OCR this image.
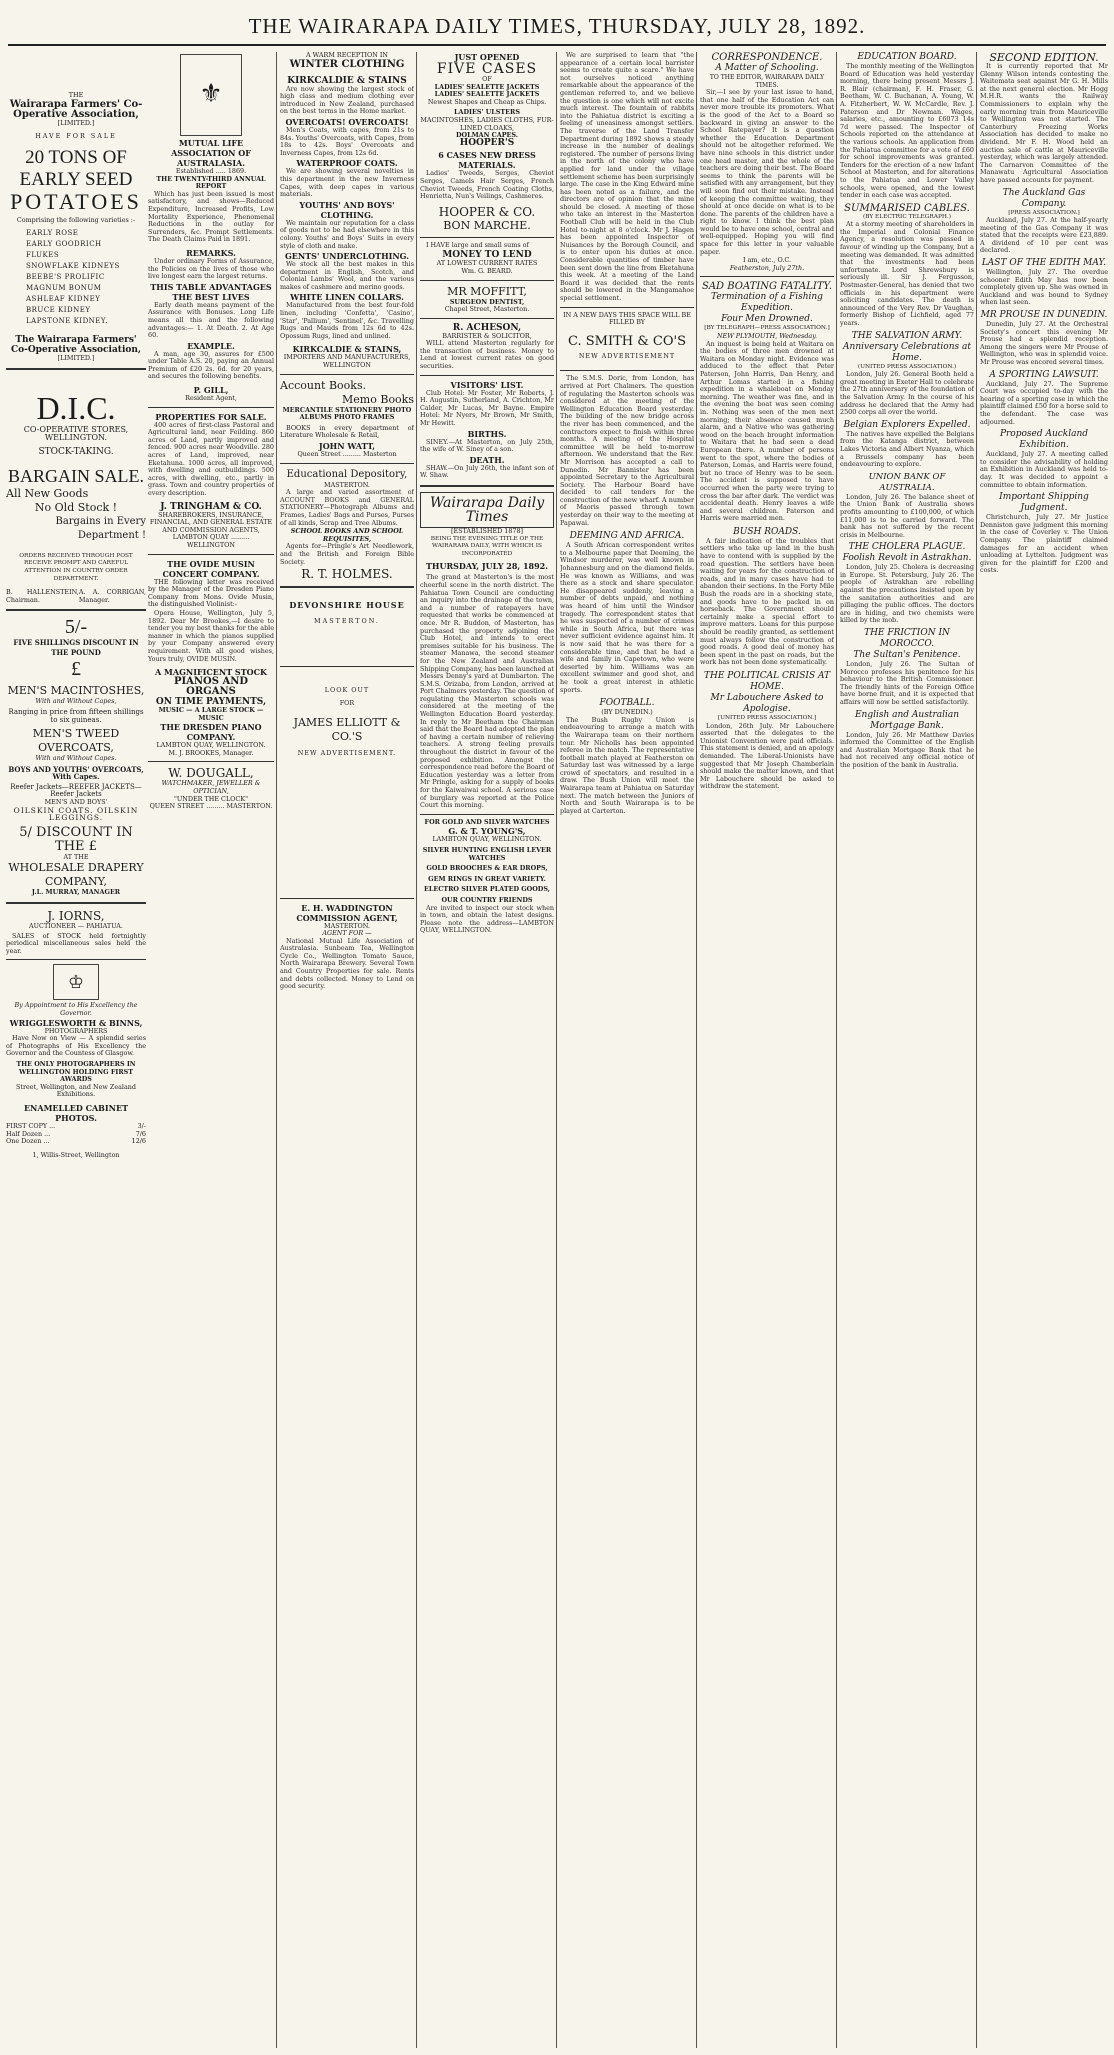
THE WAIRARAPA DAILY TIMES, THURSDAY, JULY 28, 1892.
THE
Wairarapa Farmers' Co-Operative Association,
[LIMITED.]
HAVE FOR SALE
20 TONS OF EARLY SEED
POTATOES
Comprising the following varieties :-
EARLY ROSE
EARLY GOODRICH
FLUKES
SNOWFLAKE KIDNEYS
BEEBE'S PROLIFIC
MAGNUM BONUM
ASHLEAF KIDNEY
BRUCE KIDNEY
LAPSTONE KIDNEY.
The Wairarapa Farmers' Co-Operative Association,
[LIMITED.]
D.I.C.
CO-OPERATIVE STORES, WELLINGTON.
STOCK-TAKING.
BARGAIN SALE.
All New Goods
No Old Stock !
Bargains in Every Department !
ORDERS RECEIVED THROUGH POST RECEIVE PROMPT AND CAREFUL ATTENTION IN COUNTRY ORDER DEPARTMENT.
B. HALLENSTEIN, Chairman.
A. A. CORRIGAN, Manager.
5/-
FIVE SHILLINGS DISCOUNT IN THE POUND
£
MEN'S MACINTOSHES,
With and Without Capes,
Ranging in price from fifteen shillings to six guineas.
MEN'S TWEED OVERCOATS,
With and Without Capes.
BOYS AND YOUTHS' OVERCOATS, With Capes.
Reefer Jackets—REEFER JACKETS—Reefer Jackets
MEN'S AND BOYS'
OILSKIN COATS. OILSKIN LEGGINGS.
5/ DISCOUNT IN THE £
AT THE
WHOLESALE DRAPERY COMPANY,
J.L. MURRAY, MANAGER
J. IORNS,
AUCTIONEER — PAHIATUA.
SALES of STOCK held fortnightly periodical miscellaneous sales held the year.
♔
By Appointment to His Excellency the Governor.
WRIGGLESWORTH & BINNS,
PHOTOGRAPHERS
Have Now on View — A splendid series of Photographs of His Excellency the Governor and the Countess of Glasgow.
THE ONLY PHOTOGRAPHERS IN WELLINGTON HOLDING FIRST AWARDS
Street, Wellington, and New Zealand Exhibitions.
ENAMELLED CABINET PHOTOS.
FIRST COPY ...	3/-
Half Dozen ...	7/6
One Dozen ...	12/6
1, Willis-Street, Wellington
⚜
MUTUAL LIFE ASSOCIATION OF AUSTRALASIA.
Established ..... 1869.
THE TWENTY-THIRD ANNUAL REPORT
Which has just been issued is most satisfactory, and shows—Reduced Expenditure, Increased Profits, Low Mortality Experience, Phenomenal Reductions in the outlay for Surrenders, &c. Prompt Settlements. The Death Claims Paid in 1891.
REMARKS.
Under ordinary Forms of Assurance, the Policies on the lives of those who live longest earn the largest returns.
THIS TABLE ADVANTAGES THE BEST LIVES
Early death means payment of the Assurance with Bonuses. Long Life means all this and the following advantages:— 1. At Death. 2. At Age 60.
EXAMPLE.
A man, age 30, assures for £500 under Table A.S. 20, paying an Annual Premium of £20 2s. 6d. for 20 years, and secures the following benefits.
P. GILL,
Resident Agent,
PROPERTIES FOR SALE.
400 acres of first-class Pastoral and Agricultural land, near Feilding. 860 acres of Land, partly improved and fenced. 900 acres near Woodville. 280 acres of Land, improved, near Eketahuna. 1000 acres, all improved, with dwelling and outbuildings. 500 acres, with dwelling, etc., partly in grass. Town and country properties of every description.
J. TRINGHAM & CO.
SHAREBROKERS, INSURANCE, FINANCIAL, AND GENERAL ESTATE AND COMMISSION AGENTS,
LAMBTON QUAY ......... WELLINGTON
THE OVIDE MUSIN CONCERT COMPANY.
THE following letter was received by the Manager of the Dresden Piano Company from Mons. Ovide Musin, the distinguished Violinist:-
Opera House, Wellington, July 5, 1892. Dear Mr Brookes,—I desire to tender you my best thanks for the able manner in which the pianos supplied by your Company answered every requirement. With all good wishes, Yours truly, OVIDE MUSIN.
A MAGNIFICENT STOCK
PIANOS AND ORGANS
ON TIME PAYMENTS,
MUSIC — A LARGE STOCK — MUSIC
THE DRESDEN PIANO COMPANY.
LAMBTON QUAY, WELLINGTON.
M. J. BROOKES, Manager.
W. DOUGALL,
WATCHMAKER, JEWELLER & OPTICIAN,
"UNDER THE CLOCK"
QUEEN STREET ......... MASTERTON.
A WARM RECEPTION IN
WINTER CLOTHING
KIRKCALDIE & STAINS
Are now showing the largest stock of high class and medium clothing ever introduced in New Zealand, purchased on the best terms in the Home market.
OVERCOATS! OVERCOATS!
Men's Coats, with capes, from 21s to 84s. Youths' Overcoats, with Capes, from 18s to 42s. Boys' Overcoats and Inverness Capes, from 12s 6d.
WATERPROOF COATS.
We are showing several novelties in this department in the new Inverness Capes, with deep capes in various materials.
YOUTHS' AND BOYS' CLOTHING.
We maintain our reputation for a class of goods not to be had elsewhere in this colony. Youths' and Boys' Suits in every style of cloth and make.
GENTS' UNDERCLOTHING.
We stock all the best makes in this department in English, Scotch, and Colonial Lambs' Wool, and the various makes of cashmere and merino goods.
WHITE LINEN COLLARS.
Manufactured from the best four-fold linen, including 'Confetta', 'Casino', 'Star', 'Pallium', 'Sentinel', &c. Travelling Rugs and Mauds from 12s 6d to 42s. Opossum Rugs, lined and unlined.
KIRKCALDIE & STAINS,
IMPORTERS AND MANUFACTURERS,
WELLINGTON
Account Books.
Memo Books
MERCANTILE STATIONERY PHOTO ALBUMS PHOTO FRAMES
BOOKS in every department of Literature Wholesale & Retail,
JOHN WATT,
Queen Street ......... Masterton
Educational Depository,
MASTERTON.
A large and varied assortment of ACCOUNT BOOKS and GENERAL STATIONERY—Photograph Albums and Frames, Ladies' Bags and Purses, Purses of all kinds, Scrap and Tree Albums.
SCHOOL BOOKS AND SCHOOL REQUISITES,
Agents for—Pringle's Art Needlework, and the British and Foreign Bible Society.
R. T. HOLMES.
DEVONSHIRE HOUSE
MASTERTON.
LOOK OUT
FOR
JAMES ELLIOTT & CO.'S
NEW ADVERTISEMENT.
E. H. WADDINGTON
COMMISSION AGENT,
MASTERTON.
AGENT FOR —
National Mutual Life Association of Australasia. Sunbeam Tea, Wellington Cycle Co., Wellington Tomato Sauce, North Wairarapa Brewery. Several Town and Country Properties for sale. Rents and debts collected. Money to Lend on good security.
JUST OPENED
FIVE CASES
OF
LADIES' SEALETTE JACKETS
LADIES' SEALETTE JACKETS
Newest Shapes and Cheap as Chips.
LADIES' ULSTERS
MACINTOSHES, LADIES CLOTHS, FUR-LINED CLOAKS,
DOLMAN CAPES.
HOOPER'S
6 CASES NEW DRESS MATERIALS.
Ladies' Tweeds, Serges, Cheviot Serges, Camels Hair Serges, French Cheviot Tweeds, French Coating Cloths, Henrietta, Nun's Veilings, Cashmeres.
HOOPER & CO.
BON MARCHE.
I HAVE large and small sums of
MONEY TO LEND
AT LOWEST CURRENT RATES
Wm. G. BEARD.
MR MOFFITT,
SURGEON DENTIST,
Chapel Street, Masterton.
R. ACHESON,
BARRISTER & SOLICITOR,
WILL attend Masterton regularly for the transaction of business. Money to Lend at lowest current rates on good securities.
VISITORS' LIST.
Club Hotel: Mr Foster, Mr Roberts, J. H. Augustin, Sutherland, A. Crichton, Mr Calder, Mr Lucas, Mr Bayne. Empire Hotel: Mr Nyers, Mr Brown, Mr Smith, Mr Hewitt.
BIRTHS.
SINEY.—At Masterton, on July 25th, the wife of W. Siney of a son.
DEATH.
SHAW.—On July 26th, the infant son of W. Shaw.
Wairarapa Daily Times
[ESTABLISHED 1878]
BEING THE EVENING TITLE OF THE WAIRARAPA DAILY, WITH WHICH IS INCORPORATED
THURSDAY, JULY 28, 1892.
The grand at Masterton's is the most cheerful scene in the north district. The Pahiatua Town Council are conducting an inquiry into the drainage of the town, and a number of ratepayers have requested that works be commenced at once. Mr R. Buddon, of Masterton, has purchased the property adjoining the Club Hotel, and intends to erect premises suitable for his business. The steamer Manawa, the second steamer for the New Zealand and Australian Shipping Company, has been launched at Messrs Denny's yard at Dumbarton. The S.M.S. Orizaba, from London, arrived at Port Chalmers yesterday. The question of regulating the Masterton schools was considered at the meeting of the Wellington Education Board yesterday. In reply to Mr Beetham the Chairman said that the Board had adopted the plan of having a certain number of relieving teachers. A strong feeling prevails throughout the district in favour of the proposed exhibition. Amongst the correspondence read before the Board of Education yesterday was a letter from Mr Pringle, asking for a supply of books for the Kaiwaiwai school. A serious case of burglary was reported at the Police Court this morning.
FOR GOLD AND SILVER WATCHES
G. & T. YOUNG'S,
LAMBTON QUAY, WELLINGTON.
SILVER HUNTING ENGLISH LEVER WATCHES
GOLD BROOCHES & EAR DROPS,
GEM RINGS IN GREAT VARIETY.
ELECTRO SILVER PLATED GOODS,
OUR COUNTRY FRIENDS
Are invited to inspect our stock when in town, and obtain the latest designs. Please note the address—LAMBTON QUAY, WELLINGTON.
We are surprised to learn that "the appearance of a certain local barrister seems to create quite a scare." We have not ourselves noticed anything remarkable about the appearance of the gentleman referred to, and we believe the question is one which will not excite much interest. The fountain of rabbits into the Pahiatua district is exciting a feeling of uneasiness amongst settlers. The traverse of the Land Transfer Department during 1892 shows a steady increase in the number of dealings registered. The number of persons living in the north of the colony who have applied for land under the village settlement scheme has been surprisingly large. The case in the King Edward mine has been noted as a failure, and the directors are of opinion that the mine should be closed. A meeting of those who take an interest in the Masterton Football Club will be held in the Club Hotel to-night at 8 o'clock. Mr J. Hagen has been appointed Inspector of Nuisances by the Borough Council, and is to enter upon his duties at once. Considerable quantities of timber have been sent down the line from Eketahuna this week. At a meeting of the Land Board it was decided that the rents should be lowered in the Mangamahoe special settlement.
IN A NEW DAYS THIS SPACE WILL BE FILLED BY
C. SMITH & CO'S
NEW ADVERTISEMENT
The S.M.S. Doric, from London, has arrived at Port Chalmers. The question of regulating the Masterton schools was considered at the meeting of the Wellington Education Board yesterday. The building of the new bridge across the river has been commenced, and the contractors expect to finish within three months. A meeting of the Hospital committee will be held to-morrow afternoon. We understand that the Rev. Mr Morrison has accepted a call to Dunedin. Mr Bannister has been appointed Secretary to the Agricultural Society. The Harbour Board have decided to call tenders for the construction of the new wharf. A number of Maoris passed through town yesterday on their way to the meeting at Papawai.
DEEMING AND AFRICA.
A South African correspondent writes to a Melbourne paper that Deeming, the Windsor murderer, was well known in Johannesburg and on the diamond fields. He was known as Williams, and was there as a stock and share speculator. He disappeared suddenly, leaving a number of debts unpaid, and nothing was heard of him until the Windsor tragedy. The correspondent states that he was suspected of a number of crimes while in South Africa, but there was never sufficient evidence against him. It is now said that he was there for a considerable time, and that he had a wife and family in Capetown, who were deserted by him. Williams was an excellent swimmer and good shot, and he took a great interest in athletic sports.
FOOTBALL.
(BY DUNEDIN.)
The Bush Rugby Union is endeavouring to arrange a match with the Wairarapa team on their northern tour. Mr Nicholls has been appointed referee in the match. The representative football match played at Featherston on Saturday last was witnessed by a large crowd of spectators, and resulted in a draw. The Bush Union will meet the Wairarapa team at Pahiatua on Saturday next. The match between the Juniors of North and South Wairarapa is to be played at Carterton.
CORRESPONDENCE.
A Matter of Schooling.
TO THE EDITOR, WAIRARAPA DAILY TIMES.
Sir,—I see by your last issue to hand, that one half of the Education Act can never more trouble its promoters. What is the good of the Act to a Board so backward in giving an answer to the School Ratepayer? It is a question whether the Education Department should not be altogether reformed. We have nine schools in this district under one head master, and the whole of the teachers are doing their best. The Board seems to think the parents will be satisfied with any arrangement, but they will soon find out their mistake. Instead of keeping the committee waiting, they should at once decide on what is to be done. The parents of the children have a right to know. I think the best plan would be to have one school, central and well-equipped. Hoping you will find space for this letter in your valuable paper.
I am, etc., O.C.
Featherston, July 27th.
SAD BOATING FATALITY.
Termination of a Fishing Expedition.
Four Men Drowned.
[BY TELEGRAPH—PRESS ASSOCIATION.]
NEW PLYMOUTH, Wednesday.
An inquest is being held at Waitara on the bodies of three men drowned at Waitara on Monday night. Evidence was adduced to the effect that Peter Paterson, John Harris, Dan Henry, and Arthur Lomas started in a fishing expedition in a whaleboat on Monday morning. The weather was fine, and in the evening the boat was seen coming in. Nothing was seen of the men next morning; their absence caused much alarm, and a Native who was gathering wood on the beach brought information to Waitara that he had seen a dead European there. A number of persons went to the spot, where the bodies of Paterson, Lomas, and Harris were found, but no trace of Henry was to be seen. The accident is supposed to have occurred when the party were trying to cross the bar after dark. The verdict was accidental death. Henry leaves a wife and several children. Paterson and Harris were married men.
BUSH ROADS.
A fair indication of the troubles that settlers who take up land in the bush have to contend with is supplied by the road question. The settlers have been waiting for years for the construction of roads, and in many cases have had to abandon their sections. In the Forty Mile Bush the roads are in a shocking state, and goods have to be packed in on horseback. The Government should certainly make a special effort to improve matters. Loans for this purpose should be readily granted, as settlement must always follow the construction of good roads. A good deal of money has been spent in the past on roads, but the work has not been done systematically.
THE POLITICAL CRISIS AT HOME.
Mr Labouchere Asked to Apologise.
[UNITED PRESS ASSOCIATION.]
London, 26th July. Mr Labouchere asserted that the delegates to the Unionist Convention were paid officials. This statement is denied, and an apology demanded. The Liberal-Unionists have suggested that Mr Joseph Chamberlain should make the matter known, and that Mr Labouchere should be asked to withdraw the statement.
EDUCATION BOARD.
The monthly meeting of the Wellington Board of Education was held yesterday morning, there being present Messrs J. R. Blair (chairman), F. H. Fraser, G. Beetham, W. C. Buchanan, A. Young, W. A. Fitzherbert, W. W. McCardle, Rev. J. Paterson and Dr Newman. Wages, salaries, etc., amounting to £6073 14s 7d were passed. The Inspector of Schools reported on the attendance at the various schools. An application from the Pahiatua committee for a vote of £60 for school improvements was granted. Tenders for the erection of a new Infant School at Masterton, and for alterations to the Pahiatua and Lower Valley schools, were opened, and the lowest tender in each case was accepted.
SUMMARISED CABLES.
(BY ELECTRIC TELEGRAPH.)
At a stormy meeting of shareholders in the Imperial and Colonial Finance Agency, a resolution was passed in favour of winding up the Company, but a meeting was demanded. It was admitted that the investments had been unfortunate. Lord Shrewsbury is seriously ill. Sir J. Fergusson, Postmaster-General, has denied that two officials in his department were soliciting candidates. The death is announced of the Very Rev. Dr Vaughan, formerly Bishop of Lichfield, aged 77 years.
THE SALVATION ARMY.
Anniversary Celebrations at Home.
(UNITED PRESS ASSOCIATION.)
London, July 26. General Booth held a great meeting in Exeter Hall to celebrate the 27th anniversary of the foundation of the Salvation Army. In the course of his address he declared that the Army had 2500 corps all over the world.
Belgian Explorers Expelled.
The natives have expelled the Belgians from the Katanga district, between Lakes Victoria and Albert Nyanza, which a Brussels company has been endeavouring to explore.
UNION BANK OF AUSTRALIA.
London, July 26. The balance sheet of the Union Bank of Australia shows profits amounting to £100,000, of which £11,000 is to be carried forward. The bank has not suffered by the recent crisis in Melbourne.
THE CHOLERA PLAGUE.
Foolish Revolt in Astrakhan.
London, July 25. Cholera is decreasing in Europe. St. Petersburg, July 26. The people of Astrakhan are rebelling against the precautions insisted upon by the sanitation authorities and are pillaging the public offices. The doctors are in hiding, and two chemists were killed by the mob.
THE FRICTION IN MOROCCO.
The Sultan's Penitence.
London, July 26. The Sultan of Morocco professes his penitence for his behaviour to the British Commissioner. The friendly hints of the Foreign Office have borne fruit, and it is expected that affairs will now be settled satisfactorily.
English and Australian Mortgage Bank.
London, July 26. Mr Matthew Davies informed the Committee of the English and Australian Mortgage Bank that he had not received any official notice of the position of the bank in Australia.
SECOND EDITION.
It is currently reported that Mr Glenny Wilson intends contesting the Waitemata seat against Mr G. H. Mills at the next general election. Mr Hogg M.H.R. wants the Railway Commissioners to explain why the early morning train from Mauriceville to Wellington was not started. The Canterbury Freezing Works Association has decided to make no dividend. Mr F. H. Wood held an auction sale of cattle at Mauriceville yesterday, which was largely attended. The Carnarvon Committee of the Manawatu Agricultural Association have passed accounts for payment.
The Auckland Gas Company.
[PRESS ASSOCIATION.]
Auckland, July 27. At the half-yearly meeting of the Gas Company it was stated that the receipts were £23,889. A dividend of 10 per cent was declared.
LAST OF THE EDITH MAY.
Wellington, July 27. The overdue schooner Edith May has now been completely given up. She was owned in Auckland and was bound to Sydney when last seen.
MR PROUSE IN DUNEDIN.
Dunedin, July 27. At the Orchestral Society's concert this evening Mr Prouse had a splendid reception. Among the singers were Mr Prouse of Wellington, who was in splendid voice. Mr Prouse was encored several times.
A SPORTING LAWSUIT.
Auckland, July 27. The Supreme Court was occupied to-day with the hearing of a sporting case in which the plaintiff claimed £50 for a horse sold to the defendant. The case was adjourned.
Proposed Auckland Exhibition.
Auckland, July 27. A meeting called to consider the advisability of holding an Exhibition in Auckland was held to-day. It was decided to appoint a committee to obtain information.
Important Shipping Judgment.
Christchurch, July 27. Mr Justice Denniston gave judgment this morning in the case of Coverley v. The Union Company. The plaintiff claimed damages for an accident when unloading at Lyttelton. Judgment was given for the plaintiff for £200 and costs.
